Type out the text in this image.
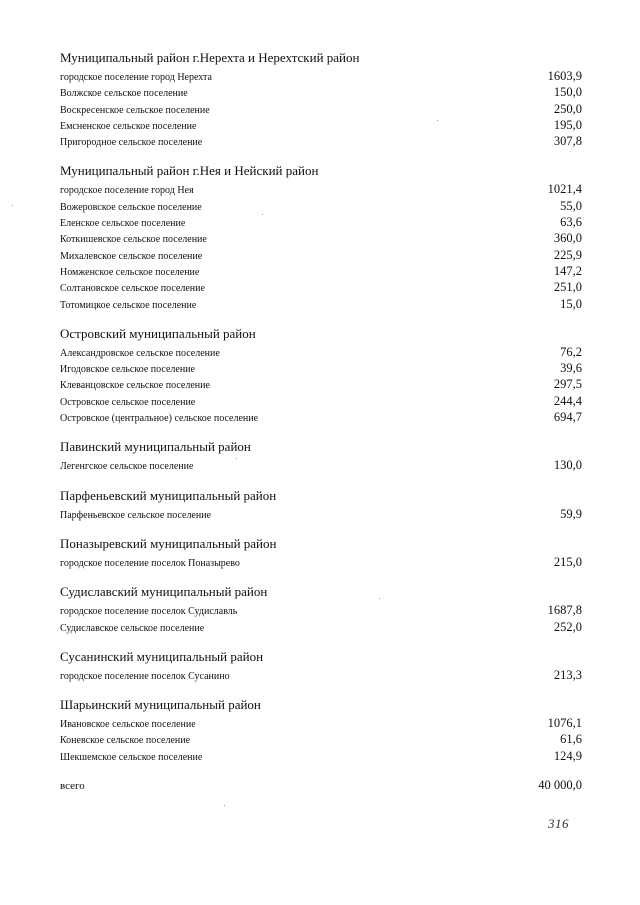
Муниципальный район г.Нерехта и Нерехтский район
городское поселение город Нерехта	1603,9
Волжское сельское поселение	150,0
Воскресенское сельское поселение	250,0
Емсненское сельское поселение	195,0
Пригородное сельское поселение	307,8
Муниципальный район г.Нея и Нейский район
городское поселение город Нея	1021,4
Вожеровское сельское поселение	55,0
Еленское сельское поселение	63,6
Коткишевское сельское поселение	360,0
Михалевское сельское поселение	225,9
Номженское сельское поселение	147,2
Солтановское сельское поселение	251,0
Тотомицкое сельское поселение	15,0
Островский муниципальный район
Александровское сельское поселение	76,2
Игодовское сельское поселение	39,6
Клеванцовское сельское поселение	297,5
Островское сельское поселение	244,4
Островское (центральное) сельское поселение	694,7
Павинский муниципальный район
Легенгское сельское поселение	130,0
Парфеньевский муниципальный район
Парфеньевское сельское поселение	59,9
Поназыревский муниципальный район
городское поселение поселок Поназырево	215,0
Судиславский муниципальный район
городское поселение поселок Судиславль	1687,8
Судиславское сельское поселение	252,0
Сусанинский муниципальный район
городское поселение поселок Сусанино	213,3
Шарьинский муниципальный район
Ивановское сельское поселение	1076,1
Коневское сельское поселение	61,6
Шекшемское сельское поселение	124,9
всего	40 000,0
316
